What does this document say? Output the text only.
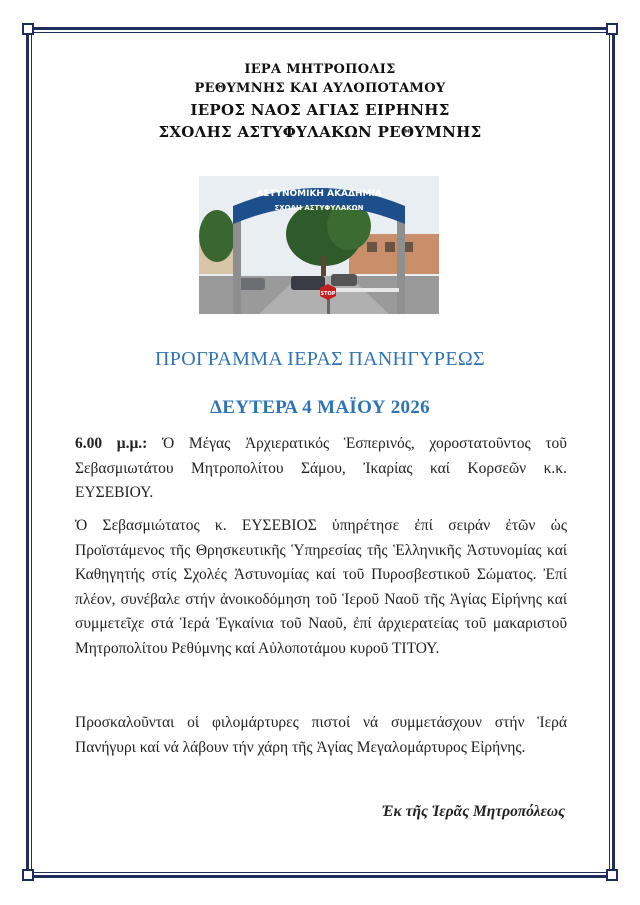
ΙΕΡΑ ΜΗΤΡΟΠΟΛΙΣ
ΡΕΘΥΜΝΗΣ ΚΑΙ ΑΥΛΟΠΟΤΑΜΟΥ
ΙΕΡΟΣ ΝΑΟΣ ΑΓΙΑΣ ΕΙΡΗΝΗΣ
ΣΧΟΛΗΣ ΑΣΤΥΦΥΛΑΚΩΝ ΡΕΘΥΜΝΗΣ
ΑΣΤΥΝΟΜΙΚΗ ΑΚΑΔΗΜΙΑ
ΣΧΟΛΗ ΑΣΤΥΦΥΛΑΚΩΝ
STOP
ΠΡΟΓΡΑΜΜΑ ΙΕΡΑΣ ΠΑΝΗΓΥΡΕΩΣ
ΔΕΥΤΕΡΑ 4 ΜΑΪΟΥ 2026
6.00 μ.μ.: Ὁ Μέγας Ἀρχιερατικός Ἑσπερινός, χοροστατοῦντος τοῦ Σεβασμιωτάτου Μητροπολίτου Σάμου, Ἰκαρίας καί Κορσεῶν κ.κ. ΕΥΣΕΒΙΟΥ.
Ὁ Σεβασμιώτατος κ. ΕΥΣΕΒΙΟΣ ὑπηρέτησε ἐπί σειράν ἐτῶν ὡς Προϊστάμενος τῆς Θρησκευτικῆς Ὑπηρεσίας τῆς Ἑλληνικῆς Ἀστυνομίας καί Καθηγητής στίς Σχολές Ἀστυνομίας καί τοῦ Πυροσβεστικοῦ Σώματος. Ἐπί πλέον, συνέβαλε στήν ἀνοικοδόμηση τοῦ Ἱεροῦ Ναοῦ τῆς Ἁγίας Εἰρήνης καί συμμετεῖχε στά Ἱερά Ἐγκαίνια τοῦ Ναοῦ, ἐπί ἀρχιερατείας τοῦ μακαριστοῦ Μητροπολίτου Ρεθύμνης καί Αὐλοποτάμου κυροῦ ΤΙΤΟΥ.
Προσκαλοῦνται οἱ φιλομάρτυρες πιστοί νά συμμετάσχουν στήν Ἱερά Πανήγυρι καί νά λάβουν τήν χάρη τῆς Ἁγίας Μεγαλομάρτυρος Εἰρήνης.
Ἐκ τῆς Ἱερᾶς Μητροπόλεως
